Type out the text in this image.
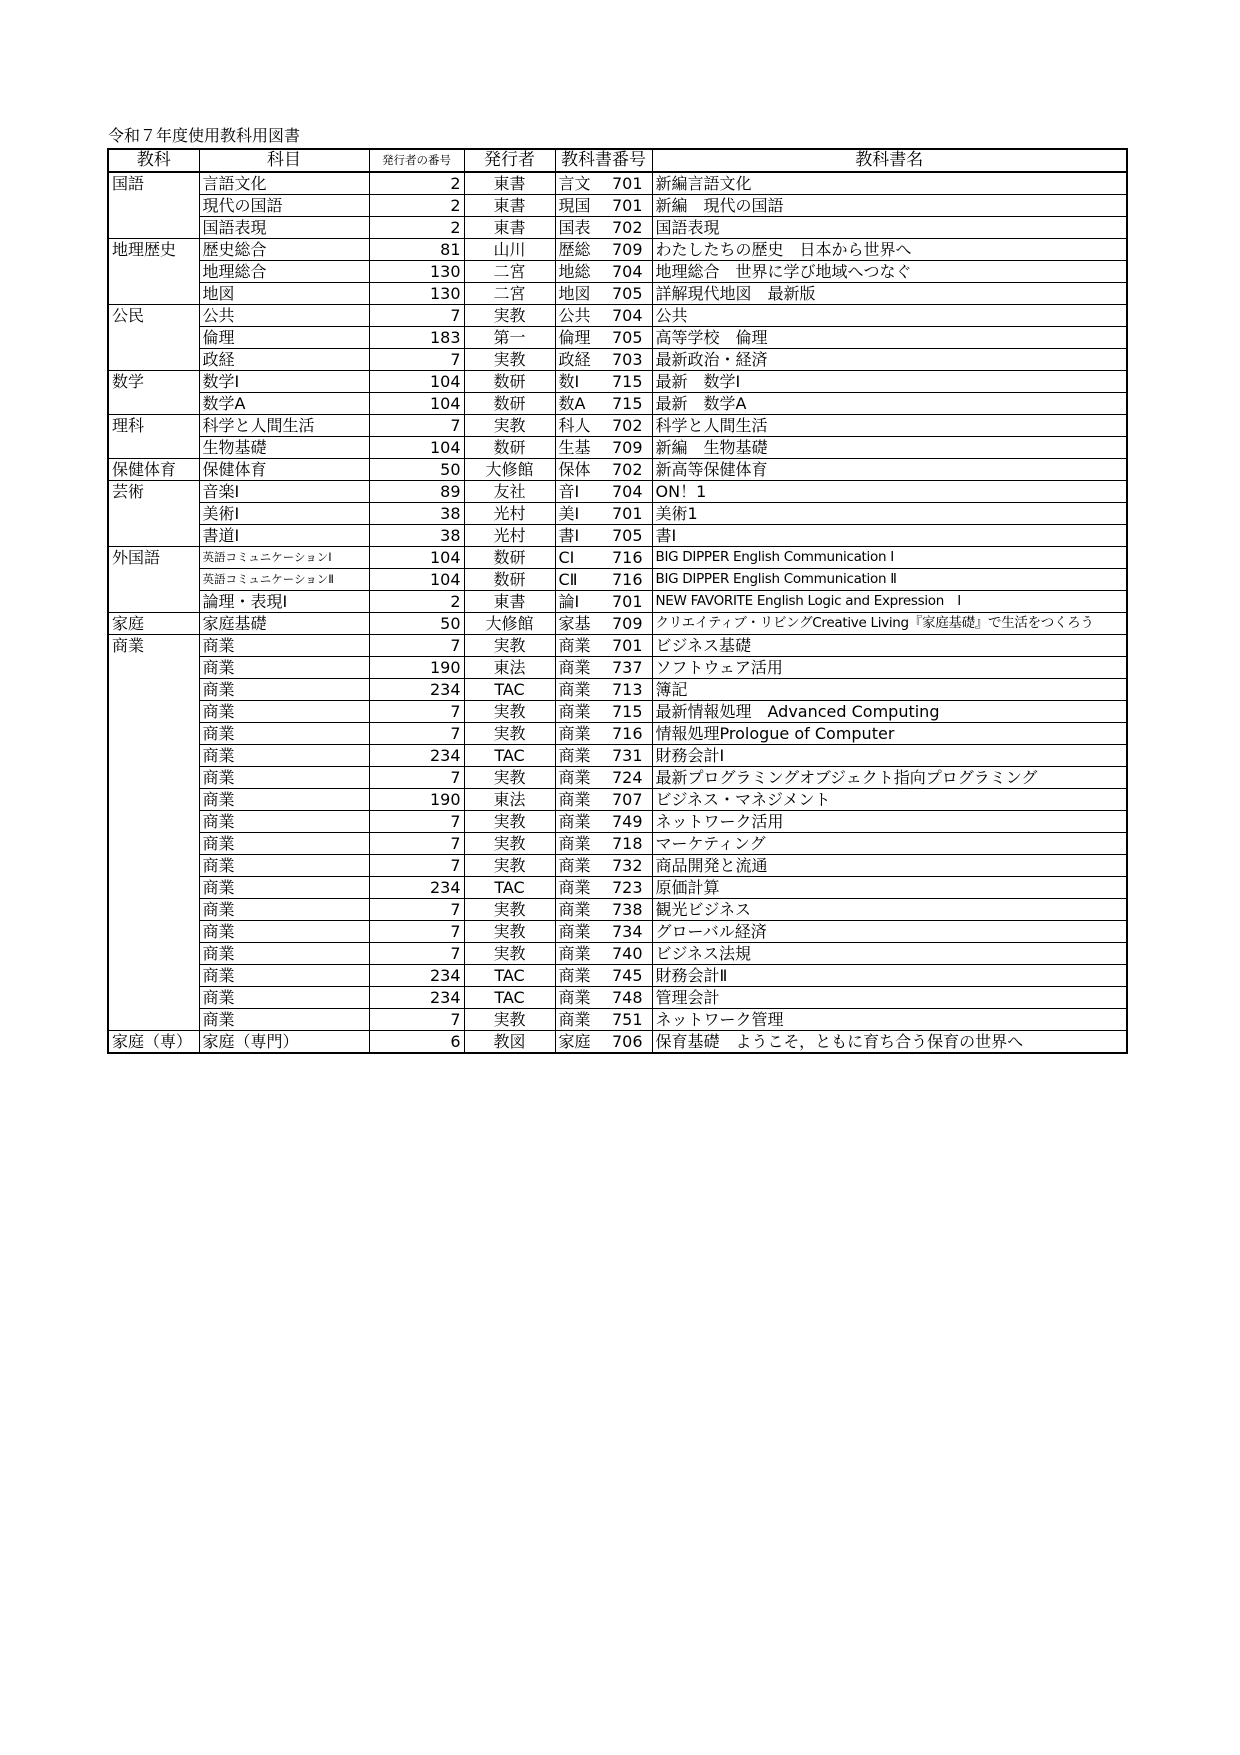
令和７年度使用教科用図書
教科	科目	発行者の番号	発行者	教科書番号	教科書名
国語	言語文化	2	東書	言文 701	新編言語文化
	現代の国語	2	東書	現国 701	新編　現代の国語
	国語表現	2	東書	国表 702	国語表現
地理歴史	歴史総合	81	山川	歴総 709	わたしたちの歴史　日本から世界へ
	地理総合	130	二宮	地総 704	地理総合　世界に学び地域へつなぐ
	地図	130	二宮	地図 705	詳解現代地図　最新版
公民	公共	7	実教	公共 704	公共
	倫理	183	第一	倫理 705	高等学校　倫理
	政経	7	実教	政経 703	最新政治・経済
数学	数学Ⅰ	104	数研	数Ⅰ 715	最新　数学Ⅰ
	数学A	104	数研	数A 715	最新　数学A
理科	科学と人間生活	7	実教	科人 702	科学と人間生活
	生物基礎	104	数研	生基 709	新編　生物基礎
保健体育	保健体育	50	大修館	保体 702	新高等保健体育
芸術	音楽Ⅰ	89	友社	音Ⅰ 704	ON！1
	美術Ⅰ	38	光村	美Ⅰ 701	美術1
	書道Ⅰ	38	光村	書Ⅰ 705	書Ⅰ
外国語	英語コミュニケーションⅠ	104	数研	CⅠ 716	BIG DIPPER English Communication Ⅰ
	英語コミュニケーションⅡ	104	数研	CⅡ 716	BIG DIPPER English Communication Ⅱ
	論理・表現Ⅰ	2	東書	論Ⅰ 701	NEW FAVORITE English Logic and Expression　Ⅰ
家庭	家庭基礎	50	大修館	家基 709	クリエイティブ・リビングCreative Living『家庭基礎』で生活をつくろう
商業	商業	7	実教	商業 701	ビジネス基礎
	商業	190	東法	商業 737	ソフトウェア活用
	商業	234	TAC	商業 713	簿記
	商業	7	実教	商業 715	最新情報処理　Advanced Computing
	商業	7	実教	商業 716	情報処理Prologue of Computer
	商業	234	TAC	商業 731	財務会計Ⅰ
	商業	7	実教	商業 724	最新プログラミングオブジェクト指向プログラミング
	商業	190	東法	商業 707	ビジネス・マネジメント
	商業	7	実教	商業 749	ネットワーク活用
	商業	7	実教	商業 718	マーケティング
	商業	7	実教	商業 732	商品開発と流通
	商業	234	TAC	商業 723	原価計算
	商業	7	実教	商業 738	観光ビジネス
	商業	7	実教	商業 734	グローバル経済
	商業	7	実教	商業 740	ビジネス法規
	商業	234	TAC	商業 745	財務会計Ⅱ
	商業	234	TAC	商業 748	管理会計
	商業	7	実教	商業 751	ネットワーク管理
家庭（専）	家庭（専門）	6	教図	家庭 706	保育基礎　ようこそ，ともに育ち合う保育の世界へ
